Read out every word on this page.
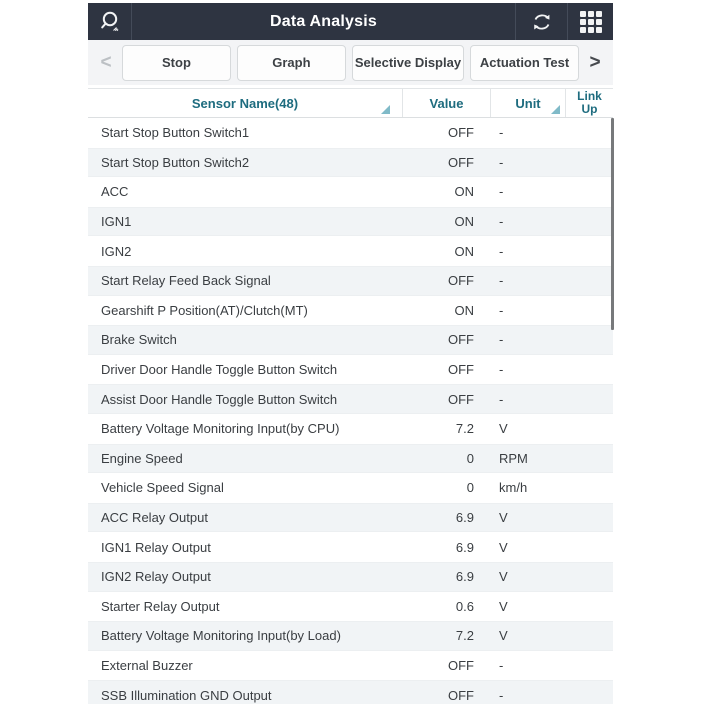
Data Analysis
<	Stop	Graph	Selective Display	Actuation Test	>
Sensor Name(48)	Value	Unit	Link Up
Start Stop Button Switch1	OFF	-
Start Stop Button Switch2	OFF	-
ACC	ON	-
IGN1	ON	-
IGN2	ON	-
Start Relay Feed Back Signal	OFF	-
Gearshift P Position(AT)/Clutch(MT)	ON	-
Brake Switch	OFF	-
Driver Door Handle Toggle Button Switch	OFF	-
Assist Door Handle Toggle Button Switch	OFF	-
Battery Voltage Monitoring Input(by CPU)	7.2	V
Engine Speed	0	RPM
Vehicle Speed Signal	0	km/h
ACC Relay Output	6.9	V
IGN1 Relay Output	6.9	V
IGN2 Relay Output	6.9	V
Starter Relay Output	0.6	V
Battery Voltage Monitoring Input(by Load)	7.2	V
External Buzzer	OFF	-
SSB Illumination GND Output	OFF	-
